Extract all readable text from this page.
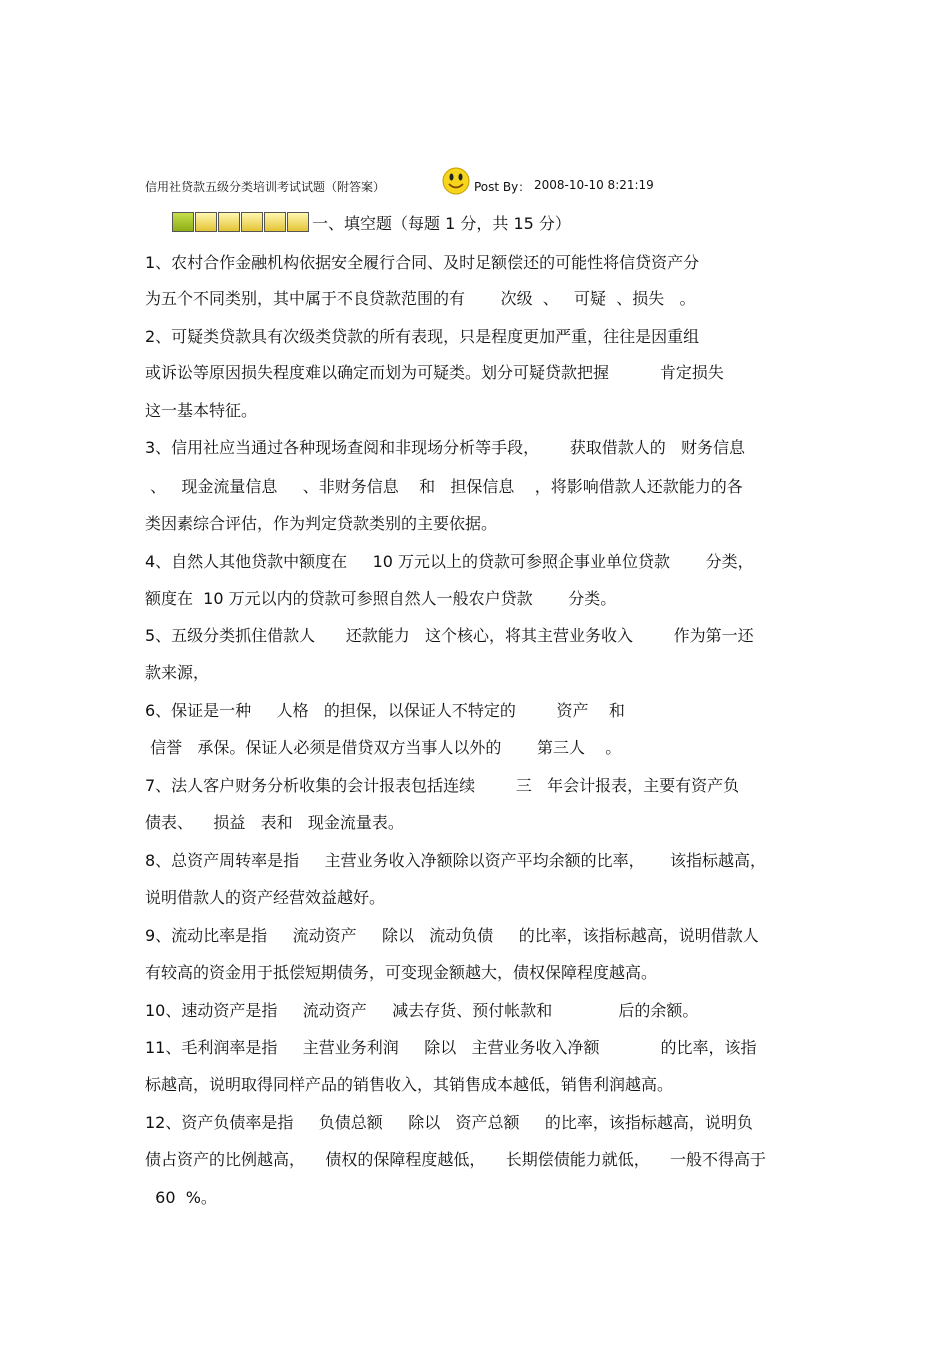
信用社贷款五级分类培训考试试题（附答案）	Post By： 2008-10-10 8:21:19
一、填空题（每题 1 分，共 15 分）
1、农村合作金融机构依据安全履行合同、及时足额偿还的可能性将信贷资产分
为五个不同类别，其中属于不良贷款范围的有       次级  、   可疑  、损失   。
2、可疑类贷款具有次级类贷款的所有表现，只是程度更加严重，往往是因重组
或诉讼等原因损失程度难以确定而划为可疑类。划分可疑贷款把握          肯定损失
这一基本特征。
3、信用社应当通过各种现场查阅和非现场分析等手段，      获取借款人的   财务信息
、   现金流量信息     、非财务信息    和   担保信息    ，将影响借款人还款能力的各
类因素综合评估，作为判定贷款类别的主要依据。
4、自然人其他贷款中额度在     10 万元以上的贷款可参照企事业单位贷款       分类，
额度在  10 万元以内的贷款可参照自然人一般农户贷款       分类。
5、五级分类抓住借款人      还款能力   这个核心，将其主营业务收入        作为第一还
款来源，
6、保证是一种     人格   的担保，以保证人不特定的        资产    和
信誉   承保。保证人必须是借贷双方当事人以外的       第三人    。
7、法人客户财务分析收集的会计报表包括连续        三   年会计报表，主要有资产负
债表、    损益   表和   现金流量表。
8、总资产周转率是指     主营业务收入净额除以资产平均余额的比率，     该指标越高，
说明借款人的资产经营效益越好。
9、流动比率是指     流动资产     除以   流动负债     的比率，该指标越高，说明借款人
有较高的资金用于抵偿短期债务，可变现金额越大，债权保障程度越高。
10、速动资产是指     流动资产     减去存货、预付帐款和             后的余额。
11、毛利润率是指     主营业务利润     除以   主营业务收入净额            的比率，该指
标越高，说明取得同样产品的销售收入，其销售成本越低，销售利润越高。
12、资产负债率是指     负债总额     除以   资产总额     的比率，该指标越高，说明负
债占资产的比例越高，    债权的保障程度越低，    长期偿债能力就低，    一般不得高于
60  %。
